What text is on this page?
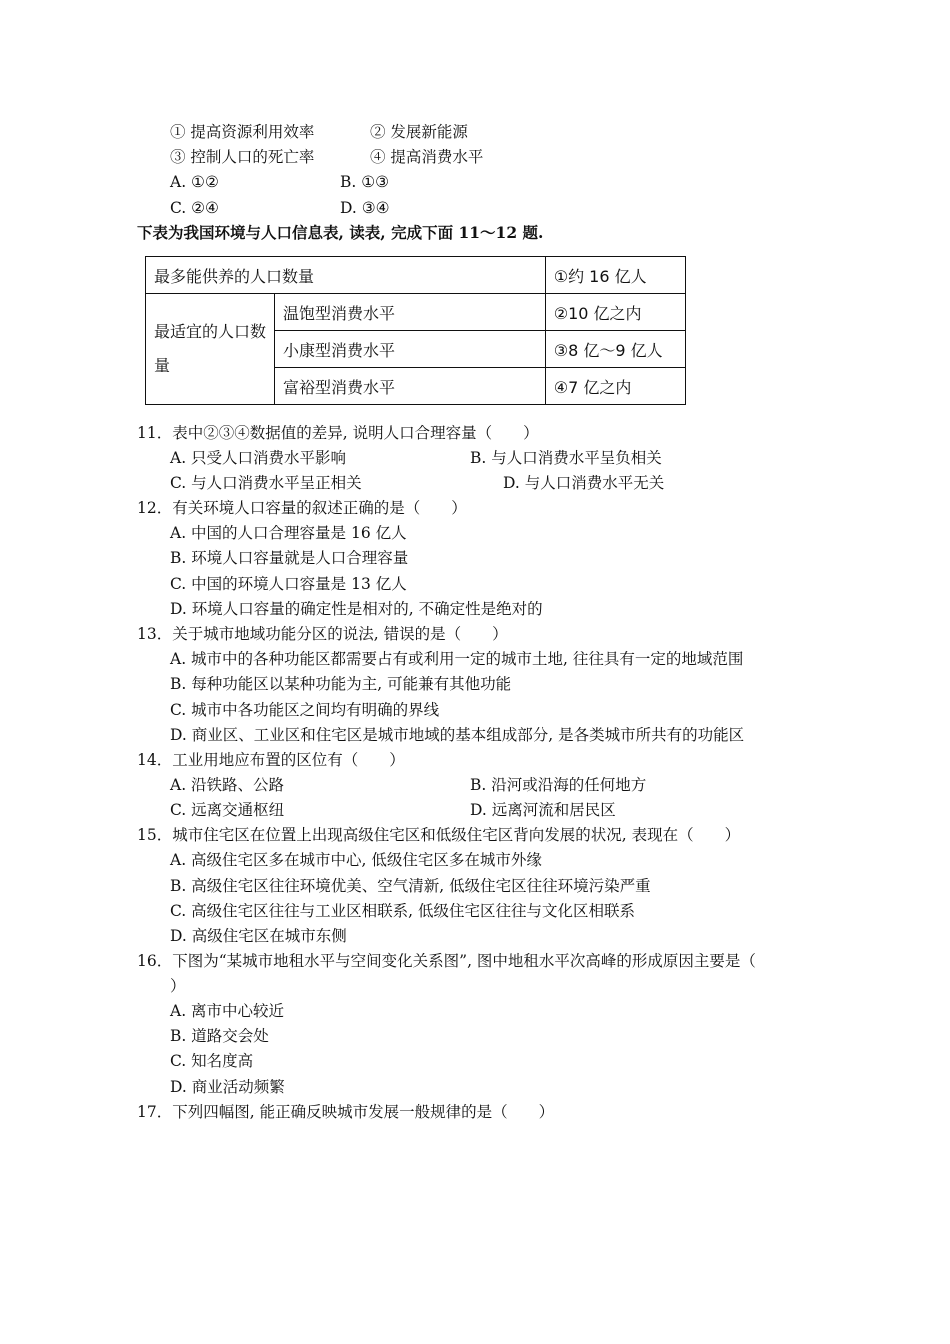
① 提高资源利用效率	② 发展新能源
③ 控制人口的死亡率	④ 提高消费水平
A. ①②	B. ①③
C. ②④	D. ③④
下表为我国环境与人口信息表, 读表, 完成下面 11～12 题.
最多能供养的人口数量		①约 16 亿人

最适宜的人口数量	温饱型消费水平	②10 亿之内
	小康型消费水平	③8 亿～9 亿人
	富裕型消费水平	④7 亿之内
11．表中②③④数据值的差异, 说明人口合理容量（　　）
A. 只受人口消费水平影响	B. 与人口消费水平呈负相关
C. 与人口消费水平呈正相关	D. 与人口消费水平无关
12．有关环境人口容量的叙述正确的是（　　）
A. 中国的人口合理容量是 16 亿人
B. 环境人口容量就是人口合理容量
C. 中国的环境人口容量是 13 亿人
D. 环境人口容量的确定性是相对的, 不确定性是绝对的
13．关于城市地域功能分区的说法, 错误的是（　　）
A. 城市中的各种功能区都需要占有或利用一定的城市土地, 往往具有一定的地域范围
B. 每种功能区以某种功能为主, 可能兼有其他功能
C. 城市中各功能区之间均有明确的界线
D. 商业区、工业区和住宅区是城市地域的基本组成部分, 是各类城市所共有的功能区
14．工业用地应布置的区位有（　　）
A. 沿铁路、公路	B. 沿河或沿海的任何地方
C. 远离交通枢纽	D. 远离河流和居民区
15．城市住宅区在位置上出现高级住宅区和低级住宅区背向发展的状况, 表现在（　　）
A. 高级住宅区多在城市中心, 低级住宅区多在城市外缘
B. 高级住宅区往往环境优美、空气清新, 低级住宅区往往环境污染严重
C. 高级住宅区往往与工业区相联系, 低级住宅区往往与文化区相联系
D. 高级住宅区在城市东侧
16．下图为“某城市地租水平与空间变化关系图”, 图中地租水平次高峰的形成原因主要是（
）
A. 离市中心较近
B. 道路交会处
C. 知名度高
D. 商业活动频繁
17．下列四幅图, 能正确反映城市发展一般规律的是（　　）
